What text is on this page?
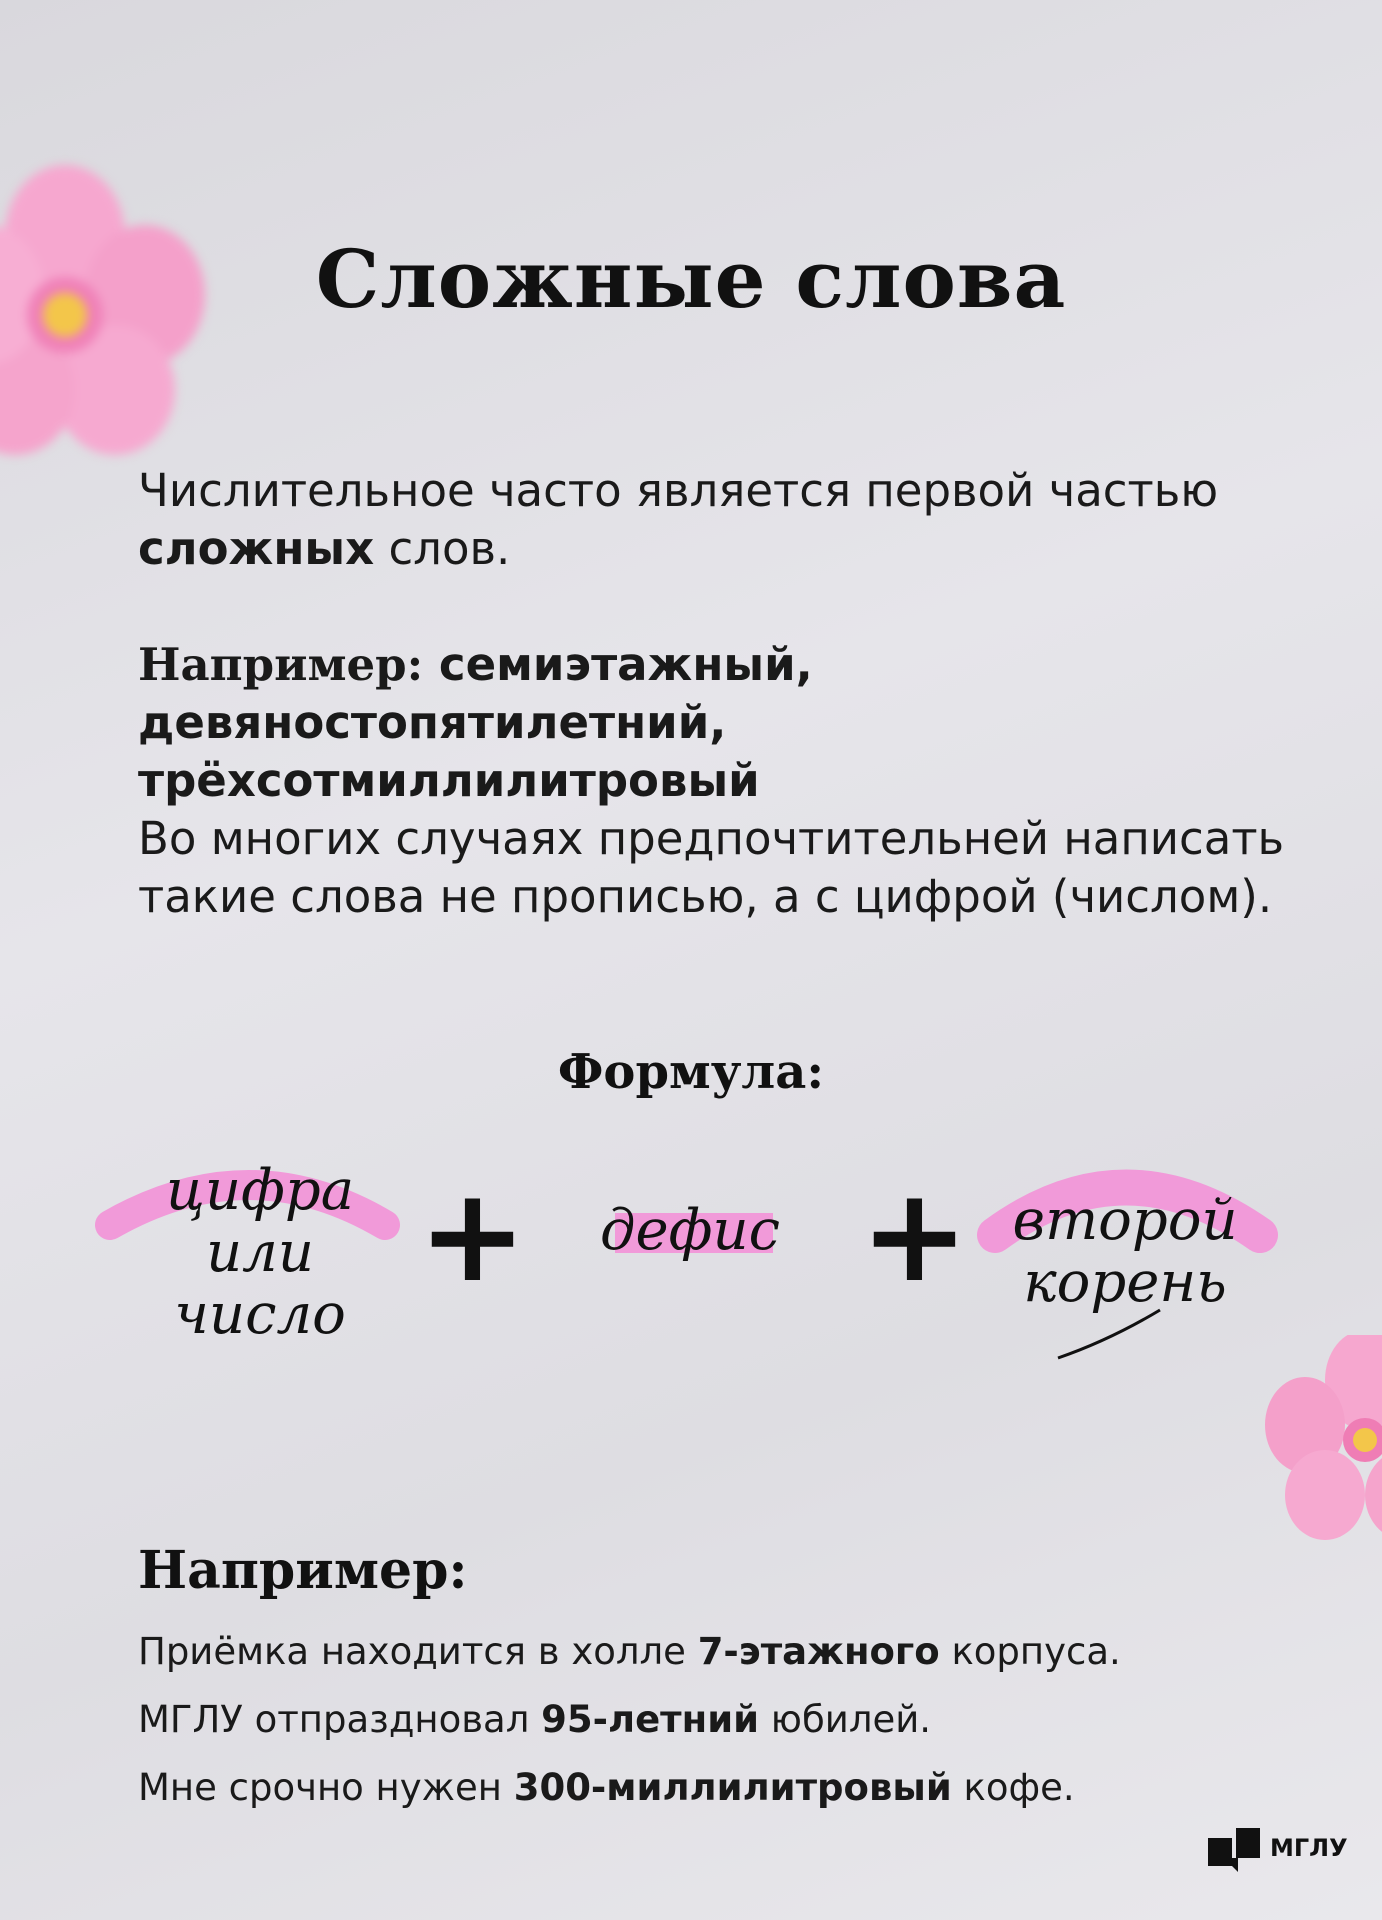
Сложные слова
Числительное часто является первой частью сложных слов.
Например: семиэтажный, девяностопятилетний, трёхсотмиллилитровый
Во многих случаях предпочтительней написать такие слова не прописью, а с цифрой (числом).
Формула:
цифра
или
число
+	дефис + второй
корень
Например:
Приёмка находится в холле 7-этажного корпуса.
МГЛУ отпраздновал 95-летний юбилей.
Мне срочно нужен 300-миллилитровый кофе.
МГЛУ
